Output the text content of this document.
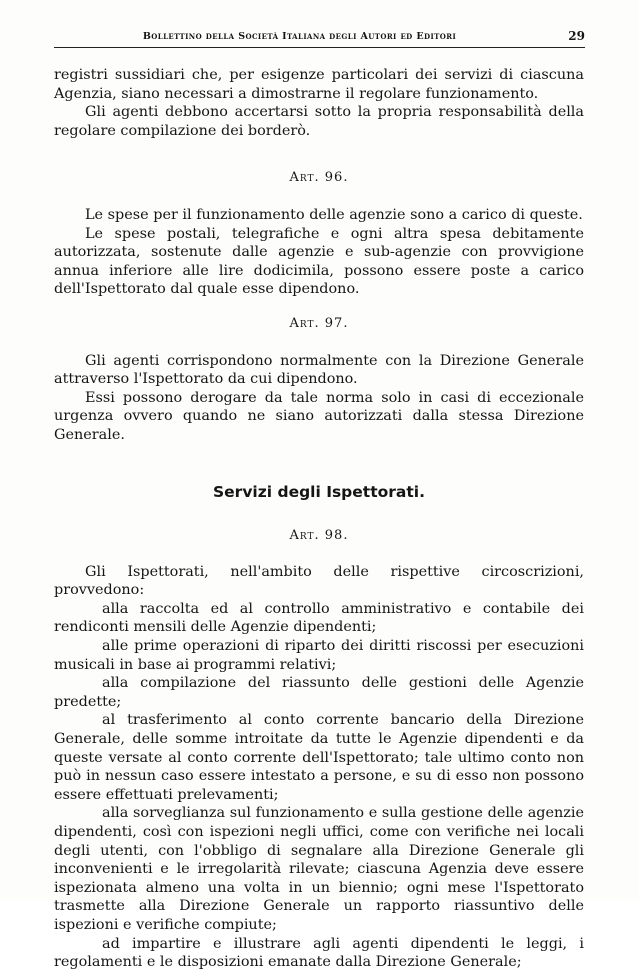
Bollettino della Società Italiana degli Autori ed Editori	29

registri sussidiari che, per esigenze particolari dei servizi di ciascuna Agenzia, siano necessari a dimostrarne il regolare funzionamento.

Gli agenti debbono accertarsi sotto la propria responsabilità della regolare compilazione dei borderò.

Art. 96.

Le spese per il funzionamento delle agenzie sono a carico di queste.

Le spese postali, telegrafiche e ogni altra spesa debitamente autorizzata, sostenute dalle agenzie e sub-agenzie con provvigione annua inferiore alle lire dodicimila, possono essere poste a carico dell'Ispettorato dal quale esse dipendono.

Art. 97.

Gli agenti corrispondono normalmente con la Direzione Generale attraverso l'Ispettorato da cui dipendono.

Essi possono derogare da tale norma solo in casi di eccezionale urgenza ovvero quando ne siano autorizzati dalla stessa Direzione Generale.

Servizi degli Ispettorati.

Art. 98.

Gli Ispettorati, nell'ambito delle rispettive circoscrizioni, provvedono:

alla raccolta ed al controllo amministrativo e contabile dei rendiconti mensili delle Agenzie dipendenti;

alle prime operazioni di riparto dei diritti riscossi per esecuzioni musicali in base ai programmi relativi;

alla compilazione del riassunto delle gestioni delle Agenzie predette;

al trasferimento al conto corrente bancario della Direzione Generale, delle somme introitate da tutte le Agenzie dipendenti e da queste versate al conto corrente dell'Ispettorato; tale ultimo conto non può in nessun caso essere intestato a persone, e su di esso non possono essere effettuati prelevamenti;

alla sorveglianza sul funzionamento e sulla gestione delle agenzie dipendenti, così con ispezioni negli uffici, come con verifiche nei locali degli utenti, con l'obbligo di segnalare alla Direzione Generale gli inconvenienti e le irregolarità rilevate; ciascuna Agenzia deve essere ispezionata almeno una volta in un biennio; ogni mese l'Ispettorato trasmette alla Direzione Generale un rapporto riassuntivo delle ispezioni e verifiche compiute;

ad impartire e illustrare agli agenti dipendenti le leggi, i regolamenti e le disposizioni emanate dalla Direzione Generale;
